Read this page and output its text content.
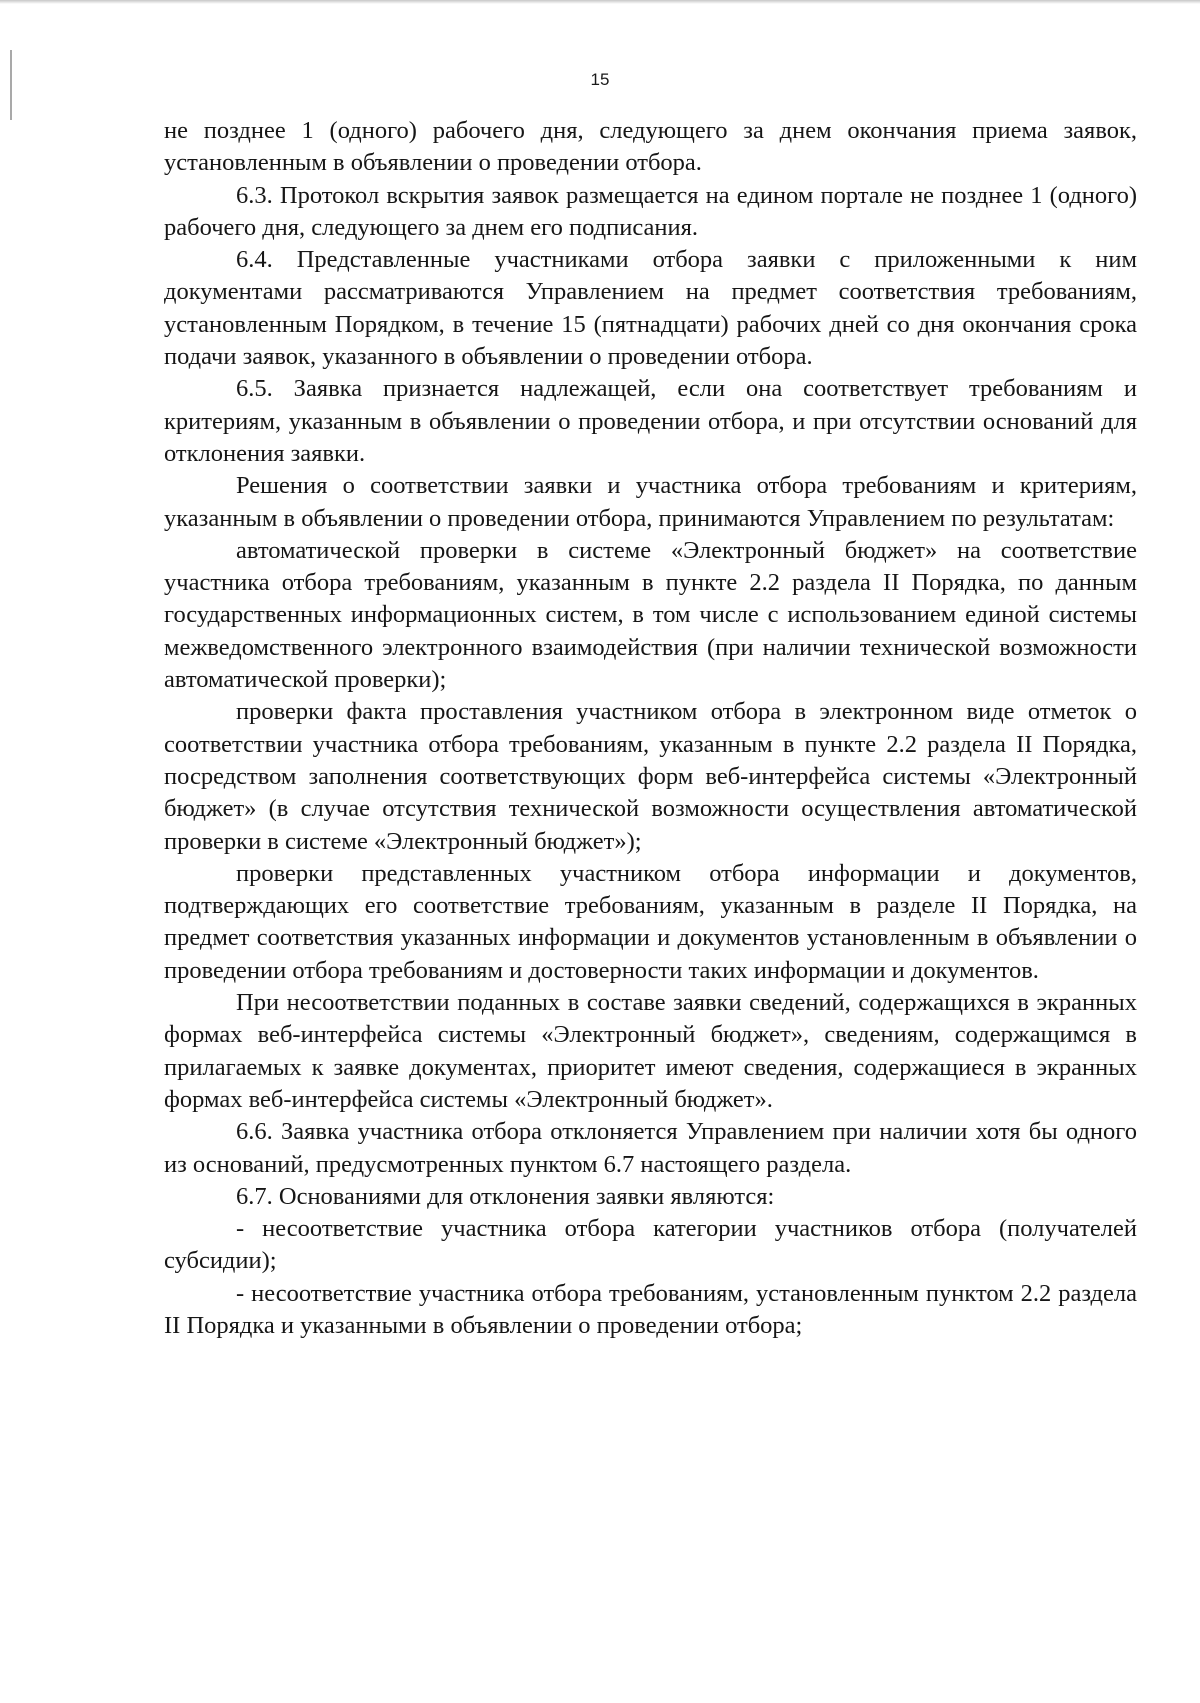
15

не позднее 1 (одного) рабочего дня, следующего за днем окончания приема заявок, установленным в объявлении о проведении отбора.

6.3. Протокол вскрытия заявок размещается на едином портале не позднее 1 (одного) рабочего дня, следующего за днем его подписания.

6.4. Представленные участниками отбора заявки с приложенными к ним документами рассматриваются Управлением на предмет соответствия требованиям, установленным Порядком, в течение 15 (пятнадцати) рабочих дней со дня окончания срока подачи заявок, указанного в объявлении о проведении отбора.

6.5. Заявка признается надлежащей, если она соответствует требованиям и критериям, указанным в объявлении о проведении отбора, и при отсутствии оснований для отклонения заявки.

Решения о соответствии заявки и участника отбора требованиям и критериям, указанным в объявлении о проведении отбора, принимаются Управлением по результатам:

автоматической проверки в системе «Электронный бюджет» на соответствие участника отбора требованиям, указанным в пункте 2.2 раздела II Порядка, по данным государственных информационных систем, в том числе с использованием единой системы межведомственного электронного взаимодействия (при наличии технической возможности автоматической проверки);

проверки факта проставления участником отбора в электронном виде отметок о соответствии участника отбора требованиям, указанным в пункте 2.2 раздела II Порядка, посредством заполнения соответствующих форм веб-интерфейса системы «Электронный бюджет» (в случае отсутствия технической возможности осуществления автоматической проверки в системе «Электронный бюджет»);

проверки представленных участником отбора информации и документов, подтверждающих его соответствие требованиям, указанным в разделе II Порядка, на предмет соответствия указанных информации и документов установленным в объявлении о проведении отбора требованиям и достоверности таких информации и документов.

При несоответствии поданных в составе заявки сведений, содержащихся в экранных формах веб-интерфейса системы «Электронный бюджет», сведениям, содержащимся в прилагаемых к заявке документах, приоритет имеют сведения, содержащиеся в экранных формах веб-интерфейса системы «Электронный бюджет».

6.6. Заявка участника отбора отклоняется Управлением при наличии хотя бы одного из оснований, предусмотренных пунктом 6.7 настоящего раздела.

6.7. Основаниями для отклонения заявки являются:

- несоответствие участника отбора категории участников отбора (получателей субсидии);

- несоответствие участника отбора требованиям, установленным пунктом 2.2 раздела II Порядка и указанными в объявлении о проведении отбора;
